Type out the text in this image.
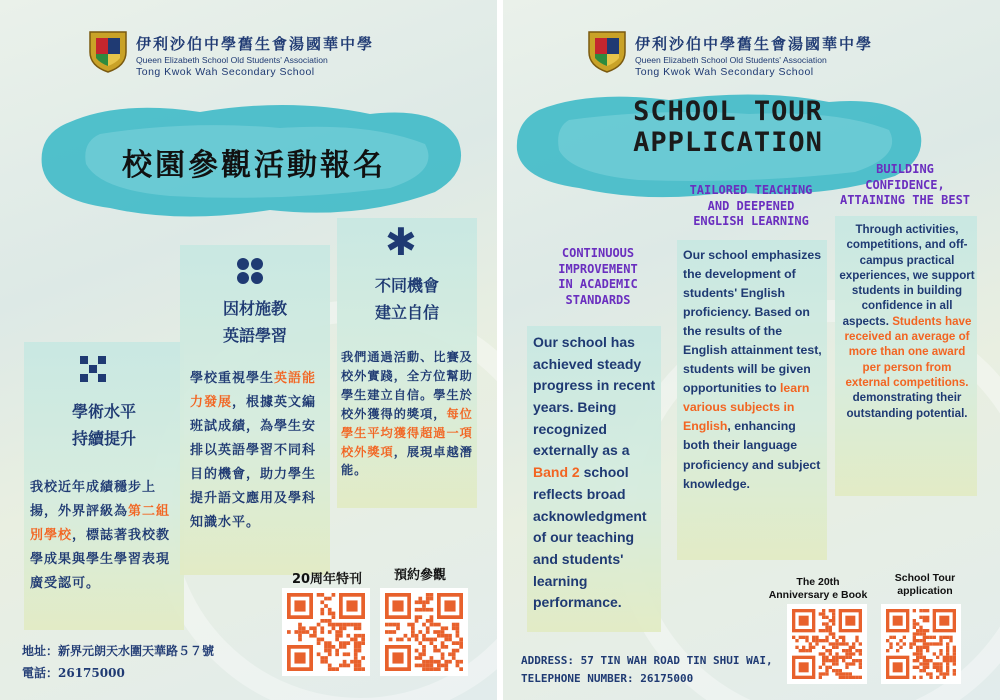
伊利沙伯中學舊生會湯國華中學
Queen Elizabeth School Old Students' Association
Tong Kwok Wah Secondary School
校園參觀活動報名
學術水平
持續提升
我校近年成績穩步上揚，外界評級為第二組別學校，標誌著我校教學成果與學生學習表現廣受認可。
因材施教
英語學習
學校重視學生英語能力發展，根據英文編班試成績，為學生安排以英語學習不同科目的機會，助力學生提升語文應用及學科知識水平。
✱
不同機會
建立自信
我們通過活動、比賽及校外實踐，全方位幫助學生建立自信。學生於校外獲得的獎項，每位學生平均獲得超過一項校外獎項，展現卓越潛能。
20周年特刊	預約參觀
地址：新界元朗天水圍天華路５７號
電話：26175000
伊利沙伯中學舊生會湯國華中學
Queen Elizabeth School Old Students' Association
Tong Kwok Wah Secondary School
SCHOOL TOUR
APPLICATION
CONTINUOUS
IMPROVEMENT
IN ACADEMIC
STANDARDS
Our school has achieved steady progress in recent years. Being recognized externally as a Band 2 school reflects broad acknowledgment of our teaching and students' learning performance.
TAILORED TEACHING
AND DEEPENED
ENGLISH LEARNING
Our school emphasizes the development of students' English proficiency. Based on the results of the English attainment test, students will be given opportunities to learn various subjects in English, enhancing both their language proficiency and subject knowledge.
BUILDING
CONFIDENCE,
ATTAINING THE BEST
Through activities, competitions, and off-campus practical experiences, we support students in building confidence in all aspects. Students have received an average of more than one award per person from external competitions. demonstrating their outstanding potential.
The 20th Anniversary e Book
School Tour application
ADDRESS: 57 TIN WAH ROAD TIN SHUI WAI,
TELEPHONE NUMBER: 26175000
